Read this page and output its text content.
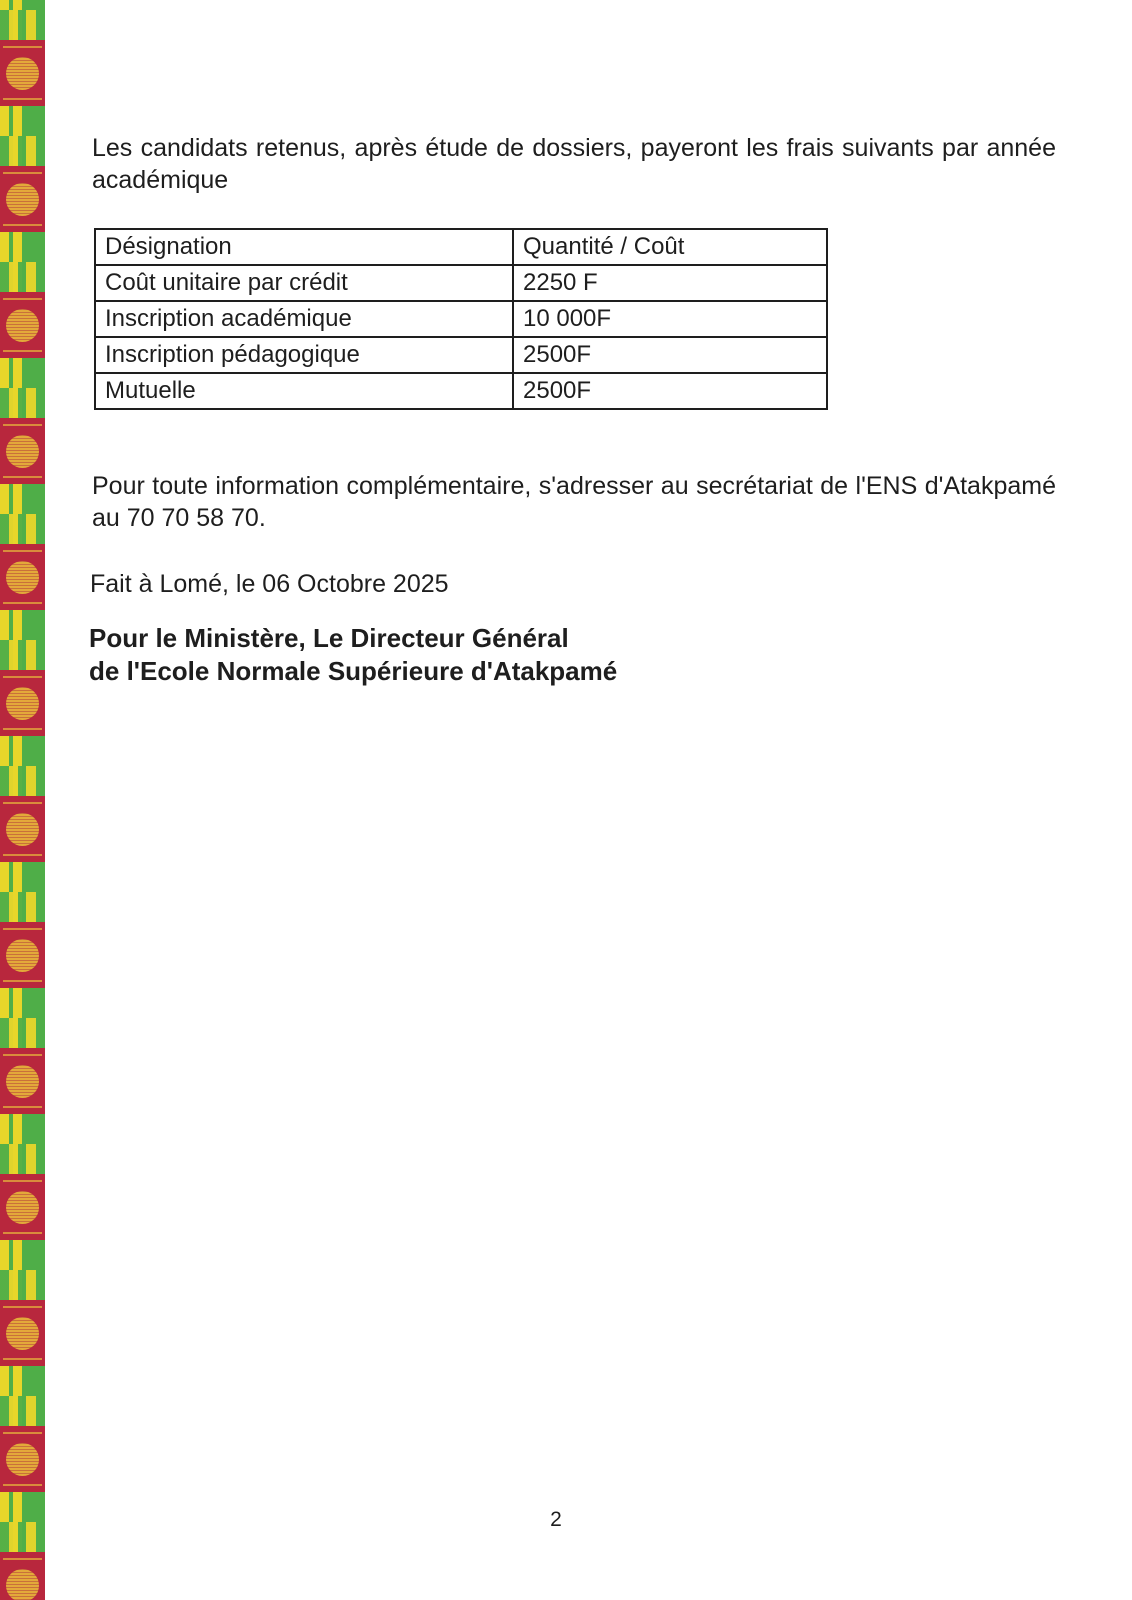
Les candidats retenus, après étude de dossiers, payeront les frais suivants par année académique

Désignation	Quantité / Coût
Coût unitaire par crédit	2250 F
Inscription académique	10 000F
Inscription pédagogique	2500F
Mutuelle	2500F

Pour toute information complémentaire, s'adresser au secrétariat de l'ENS d'Atakpamé au 70 70 58 70.

Fait à Lomé, le 06 Octobre 2025

Pour le Ministère, Le Directeur Général
de l'Ecole Normale Supérieure d'Atakpamé

2
